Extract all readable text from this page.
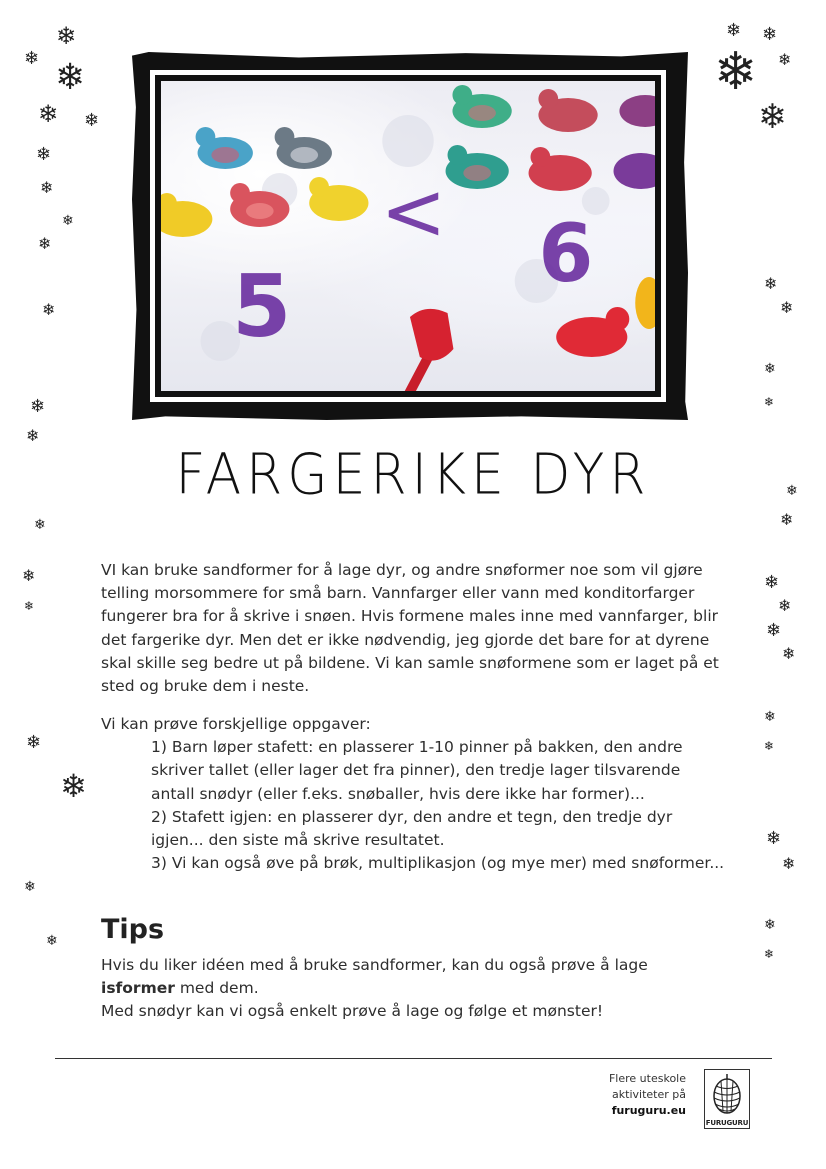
❄
❄ ❄
❄ ❄
❄
❄
❄
❄
❄
❄
❄
❄
❄
❄
❄
❄
❄
❄
❄ ❄
❄
❄
❄
❄
❄
❄
❄
❄
❄
❄
❄
❄
❄
❄
❄
❄
❄
❄
❄
5
< 6
FARGERIKE DYR

VI kan bruke sandformer for å lage dyr, og andre snøformer noe som vil gjøre telling morsommere for små barn. Vannfarger eller vann med konditorfarger fungerer bra for å skrive i snøen. Hvis formene males inne med vannfarger, blir det fargerike dyr. Men det er ikke nødvendig, jeg gjorde det bare for at dyrene skal skille seg bedre ut på bildene. Vi kan samle snøformene som er laget på et sted og bruke dem i neste.

Vi kan prøve forskjellige oppgaver:

1) Barn løper stafett: en plasserer 1-10 pinner på bakken, den andre skriver tallet (eller lager det fra pinner), den tredje lager tilsvarende antall snødyr (eller f.eks. snøballer, hvis dere ikke har former)...

2) Stafett igjen: en plasserer dyr, den andre et tegn, den tredje dyr igjen... den siste må skrive resultatet.

3) Vi kan også øve på brøk, multiplikasjon (og mye mer) med snøformer...

Tips

Hvis du liker idéen med å bruke sandformer, kan du også prøve å lage isformer med dem.
Med snødyr kan vi også enkelt prøve å lage og følge et mønster!

Flere uteskole
aktiviteter på
furuguru.eu
FURUGURU
